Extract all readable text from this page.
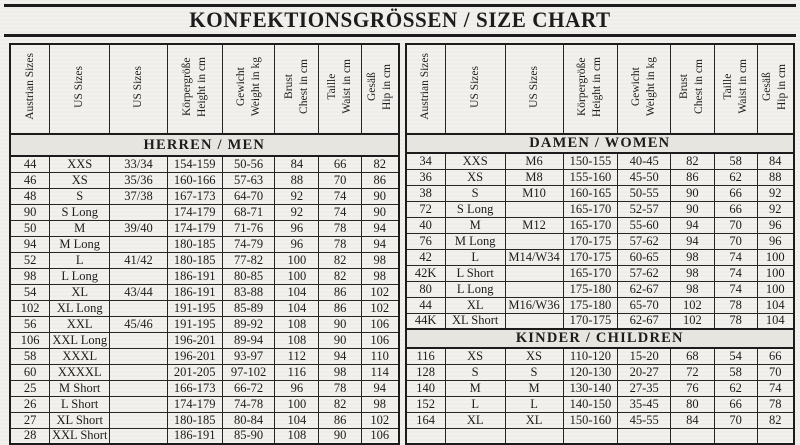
KONFEKTIONSGRÖSSEN / SIZE CHART
Austrian Sizes	US Sizes	US Sizes	Körpergröße Height in cm	Gewicht Weight in kg	Brust Chest in cm	Taille Waist in cm	Gesäß Hip in cm

HERREN / MEN							
44	XXS	33/34	154-159	50-56	84	66	82
46	XS	35/36	160-166	57-63	88	70	86
48	S	37/38	167-173	64-70	92	74	90
90	S Long		174-179	68-71	92	74	90
50	M	39/40	174-179	71-76	96	78	94
94	M Long		180-185	74-79	96	78	94
52	L	41/42	180-185	77-82	100	82	98
98	L Long		186-191	80-85	100	82	98
54	XL	43/44	186-191	83-88	104	86	102
102	XL Long		191-195	85-89	104	86	102
56	XXL	45/46	191-195	89-92	108	90	106
106	XXL Long		196-201	89-94	108	90	106
58	XXXL		196-201	93-97	112	94	110
60	XXXXL		201-205	97-102	116	98	114
25	M Short		166-173	66-72	96	78	94
26	L Short		174-179	74-78	100	82	98
27	XL Short		180-185	80-84	104	86	102
28	XXL Short		186-191	85-90	108	90	106
Austrian Sizes	US Sizes	US Sizes	Körpergröße Height in cm	Gewicht Weight in kg	Brust Chest in cm	Taille Waist in cm	Gesäß Hip in cm

DAMEN / WOMEN							
34	XXS	M6	150-155	40-45	82	58	84
36	XS	M8	155-160	45-50	86	62	88
38	S	M10	160-165	50-55	90	66	92
72	S Long		165-170	52-57	90	66	92
40	M	M12	165-170	55-60	94	70	96
76	M Long		170-175	57-62	94	70	96
42	L	M14/W34	170-175	60-65	98	74	100
42K	L Short		165-170	57-62	98	74	100
80	L Long		175-180	62-67	98	74	100
44	XL	M16/W36	175-180	65-70	102	78	104
44K	XL Short		170-175	62-67	102	78	104
KINDER / CHILDREN							
116	XS	XS	110-120	15-20	68	54	66
128	S	S	120-130	20-27	72	58	70
140	M	M	130-140	27-35	76	62	74
152	L	L	140-150	35-45	80	66	78
164	XL	XL	150-160	45-55	84	70	82
